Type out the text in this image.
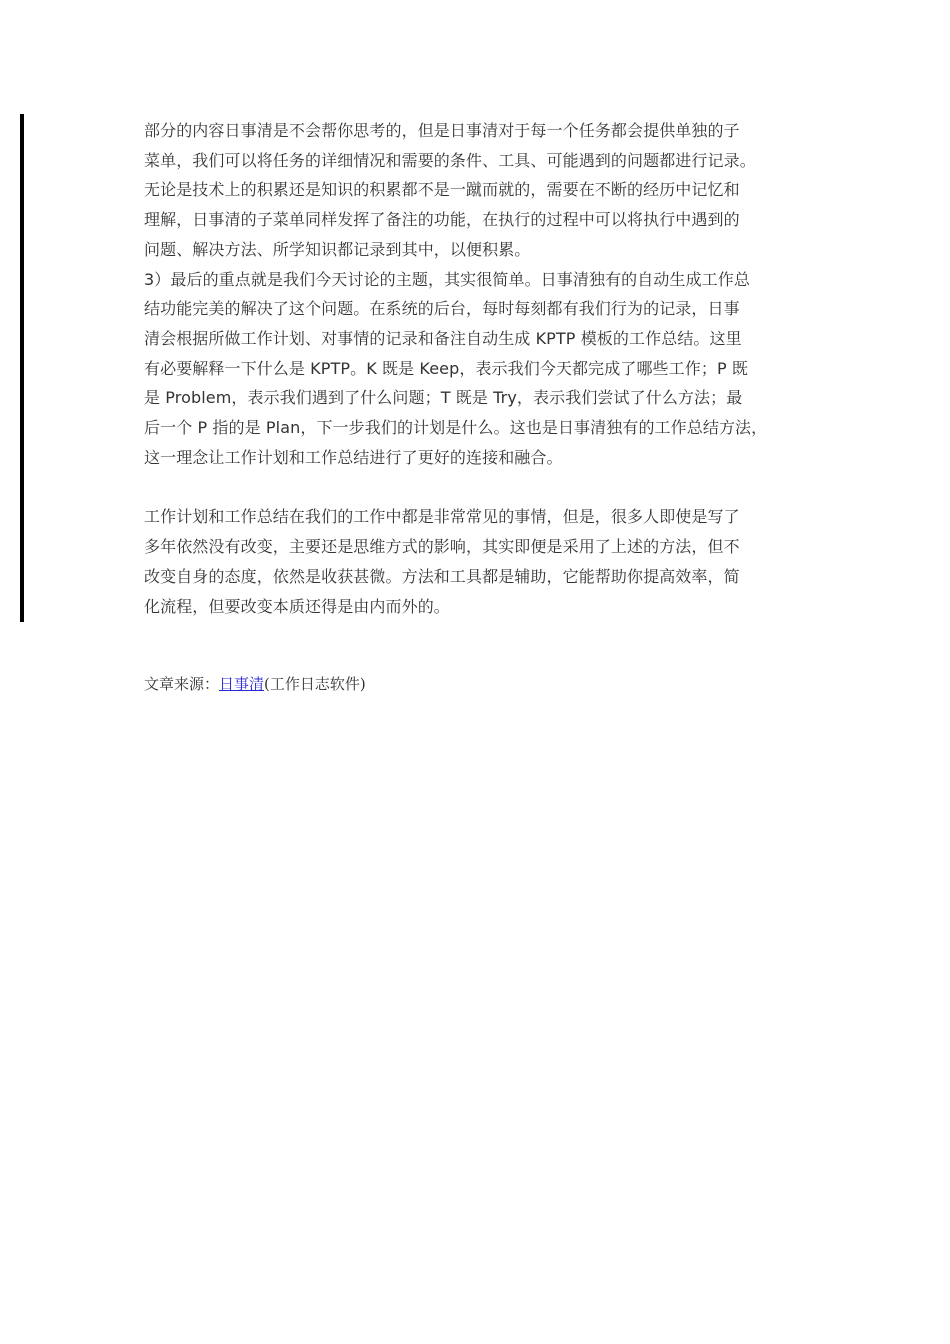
部分的内容日事清是不会帮你思考的，但是日事清对于每一个任务都会提供单独的子
菜单，我们可以将任务的详细情况和需要的条件、工具、可能遇到的问题都进行记录。
无论是技术上的积累还是知识的积累都不是一蹴而就的，需要在不断的经历中记忆和
理解，日事清的子菜单同样发挥了备注的功能，在执行的过程中可以将执行中遇到的
问题、解决方法、所学知识都记录到其中，以便积累。
3）最后的重点就是我们今天讨论的主题，其实很简单。日事清独有的自动生成工作总
结功能完美的解决了这个问题。在系统的后台，每时每刻都有我们行为的记录，日事
清会根据所做工作计划、对事情的记录和备注自动生成 KPTP 模板的工作总结。这里
有必要解释一下什么是 KPTP。K 既是 Keep，表示我们今天都完成了哪些工作；P 既
是 Problem，表示我们遇到了什么问题；T 既是 Try，表示我们尝试了什么方法；最
后一个 P 指的是 Plan，下一步我们的计划是什么。这也是日事清独有的工作总结方法，
这一理念让工作计划和工作总结进行了更好的连接和融合。
工作计划和工作总结在我们的工作中都是非常常见的事情，但是，很多人即使是写了
多年依然没有改变，主要还是思维方式的影响，其实即便是采用了上述的方法，但不
改变自身的态度，依然是收获甚微。方法和工具都是辅助，它能帮助你提高效率，简
化流程，但要改变本质还得是由内而外的。
文章来源：日事清(工作日志软件)
